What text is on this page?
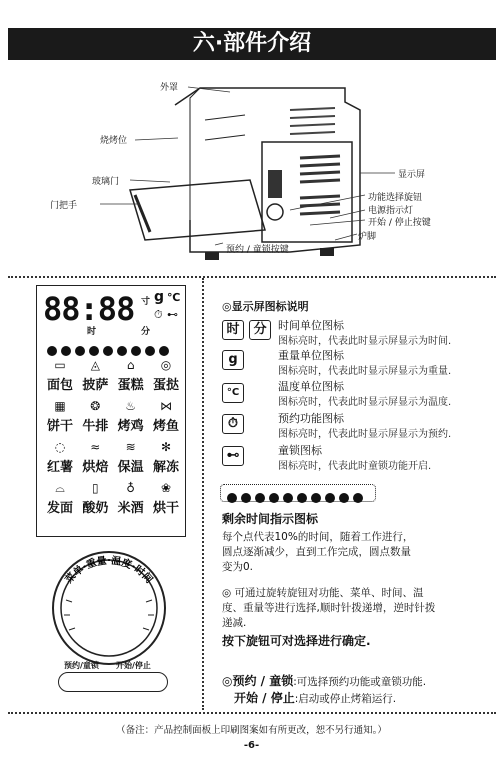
六·部件介绍
外罩
烧烤位
玻璃门
门把手
显示屏
功能选择旋钮
电源指示灯
开始 / 停止按键
炉脚
预约 / 童锁按键
88:88
时	分
寸 g ℃
⏱ ⊷
▭	◬	⌂	◎
面包 披萨 蛋糕 蛋挞
▦	❂	♨	⋈
饼干 牛排 烤鸡 烤鱼
◌	≈	≋	✻
红薯 烘焙 保温 解冻
⌓	▯	♁	❀
发面 酸奶 米酒 烘干
菜单·重量·温度·时间
预约/童锁 开始/停止
◎显示屏图标说明
时 分	时间单位图标
图标亮时，代表此时显示屏显示为时间.
g	重量单位图标
图标亮时，代表此时显示屏显示为重量.
°C	温度单位图标
图标亮时，代表此时显示屏显示为温度.
⏱	预约功能图标
图标亮时，代表此时显示屏显示为预约.
⊷	童锁图标
图标亮时，代表此时童锁功能开启.
剩余时间指示图标
每个点代表10%的时间，随着工作进行，
圆点逐渐减少，直到工作完成，圆点数量
变为0.
◎ 可通过旋转旋钮对功能、菜单、时间、温
度、重量等进行选择,顺时针拨递增，逆时针拨
递减.
按下旋钮可对选择进行确定.
◎预约 / 童锁:可选择预约功能或童锁功能.
开始 / 停止:启动或停止烤箱运行.
（备注：产品控制面板上印刷图案如有所更改，恕不另行通知。）
-6-
